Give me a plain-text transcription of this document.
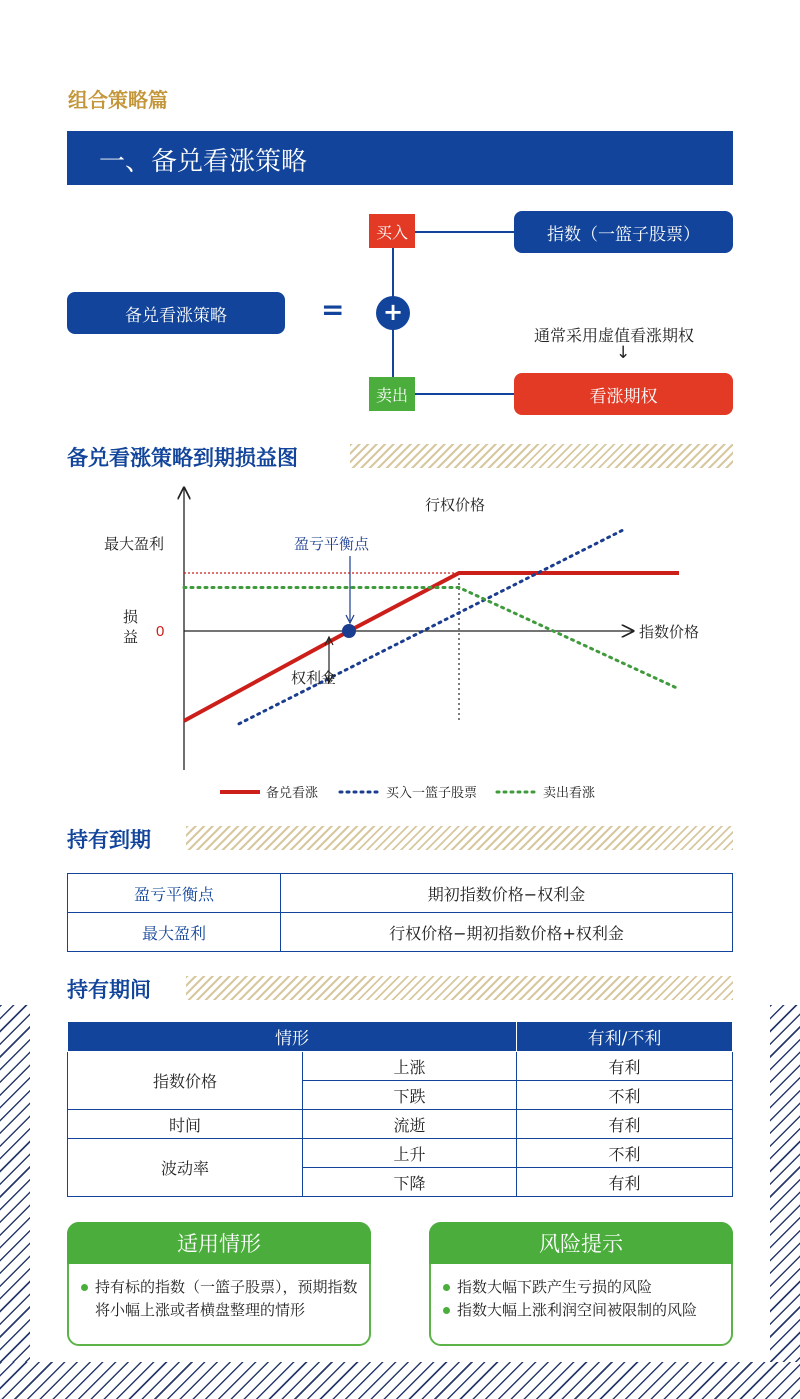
组合策略篇
一、备兑看涨策略
备兑看涨策略	=
买入
卖出
+
指数（一篮子股票）
看涨期权
通常采用虚值看涨期权
↓
备兑看涨策略到期损益图
行权价格
最大盈利	盈亏平衡点
权利金
指数价格
损
益 0
备兑看涨	买入一篮子股票	卖出看涨
持有到期
盈亏平衡点	期初指数价格−权利金
最大盈利	行权价格−期初指数价格+权利金
持有期间
情形		有利/不利
指数价格	上涨	有利
	下跌	不利
时间	流逝	有利
波动率	上升	不利
	下降	有利
适用情形
持有标的指数（一篮子股票），预期指数将小幅上涨或者横盘整理的情形
风险提示
指数大幅下跌产生亏损的风险
指数大幅上涨利润空间被限制的风险
